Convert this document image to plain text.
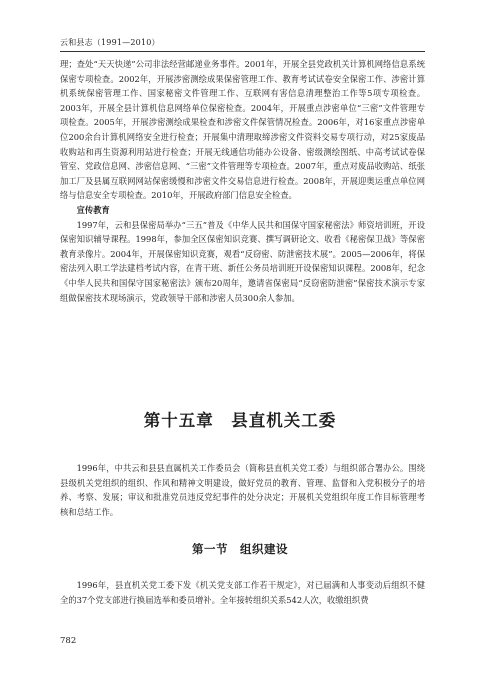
云和县志（1991—2010）

理；查处“天天快递”公司非法经营邮递业务事件。2001年，开展全县党政机关计算机网络信息系统保密专项检查。2002年，开展涉密测绘成果保密管理工作、教育考试试卷安全保密工作、涉密计算机系统保密管理工作、国家秘密文件管理工作、互联网有害信息清理整治工作等5项专项检查。2003年，开展全县计算机信息网络单位保密检查。2004年，开展重点涉密单位“三密”文件管理专项检查。2005年，开展涉密测绘成果检查和涉密文件保管情况检查。2006年，对16家重点涉密单位200余台计算机网络安全进行检查；开展集中清理取缔涉密文件资料交易专项行动，对25家废品收购站和再生资源利用站进行检查；开展无线通信功能办公设备、密级测绘图纸、中高考试试卷保管室、党政信息网、涉密信息网、“三密”文件管理等专项检查。2007年，重点对废品收购站、纸张加工厂及县属互联网网站保密缓慢和涉密文件交易信息进行检查。2008年，开展迎奥运重点单位网络与信息安全专项检查。2010年，开展政府部门信息安全检查。

宣传教育

1997年，云和县保密局举办“三五”普及《中华人民共和国保守国家秘密法》师资培训班，开设保密知识辅导课程。1998年，参加全区保密知识竞赛、撰写调研论文、收看《秘密保卫战》等保密教育录像片。2004年，开展保密知识竞赛，观看“反窃密、防泄密技术展”。2005—2006年，将保密法列入职工学法建档考试内容，在青干班、新任公务员培训班开设保密知识课程。2008年，纪念《中华人民共和国保守国家秘密法》颁布20周年，邀请省保密局“反窃密防泄密”保密技术演示专家组做保密技术现场演示，党政领导干部和涉密人员300余人参加。

第十五章　县直机关工委

1996年，中共云和县县直属机关工作委员会（简称县直机关党工委）与组织部合署办公。围绕县级机关党组织的组织、作风和精神文明建设，做好党员的教育、管理、监督和入党积极分子的培养、考察、发展；审议和批准党员违反党纪事件的处分决定；开展机关党组织年度工作目标管理考核和总结工作。

第一节　组织建设

1996年，县直机关党工委下发《机关党支部工作若干规定》，对已届满和人事变动后组织不健全的37个党支部进行换届选举和委员增补。全年接转组织关系542人次，收缴组织费

782
